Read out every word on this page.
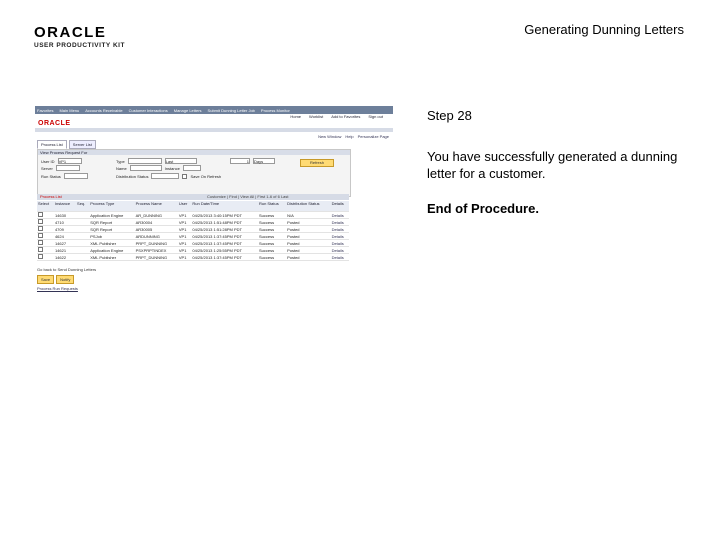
ORACLE
USER PRODUCTIVITY KIT
Generating Dunning Letters
Favorites Main Menu Accounts Receivable Customer Interactions Manage Letters Submit Dunning Letter Job Process Monitor
Home Worklist Add to Favorites Sign out
ORACLE
New Window Help Personalize Page
Process List	Server List
View Process Request For
User ID VP1	Type	Last	1 Days
Server	Name	Instance
Run Status	Distribution Status	Save On Refresh
Refresh
Process List	Customize | Find | View All | First 1-6 of 6 Last
Select	Instance	Seq.	Process Type	Process Name	User	Run Date/Time	Run Status	Distribution Status	Details
	14630		Application Engine	AR_DUNNING	VP1	04/25/2013 3:40:15PM PDT	Success	N/A	Details
	4710		SQR Report	AR30004	VP1	04/25/2013 1:51:48PM PDT	Success	Posted	Details
	4709		SQR Report	AR30005	VP1	04/25/2013 1:51:28PM PDT	Success	Posted	Details
	4624		PSJob	ARDUNNING	VP1	04/25/2013 1:37:45PM PDT	Success	Posted	Details
	14627		XML Publisher	PRPT_DUNNING	VP1	04/25/2013 1:37:45PM PDT	Success	Posted	Details
	14621		Application Engine	PSXPRPTINDEX	VP1	04/25/2013 1:25:55PM PDT	Success	Posted	Details
	14622		XML Publisher	PRPT_DUNNING	VP1	04/25/2013 1:37:45PM PDT	Success	Posted	Details
Go back to Send Dunning Letters
Save	Notify
Process Run Requests
Step 28
You have successfully generated a dunning letter for a customer.
End of Procedure.
